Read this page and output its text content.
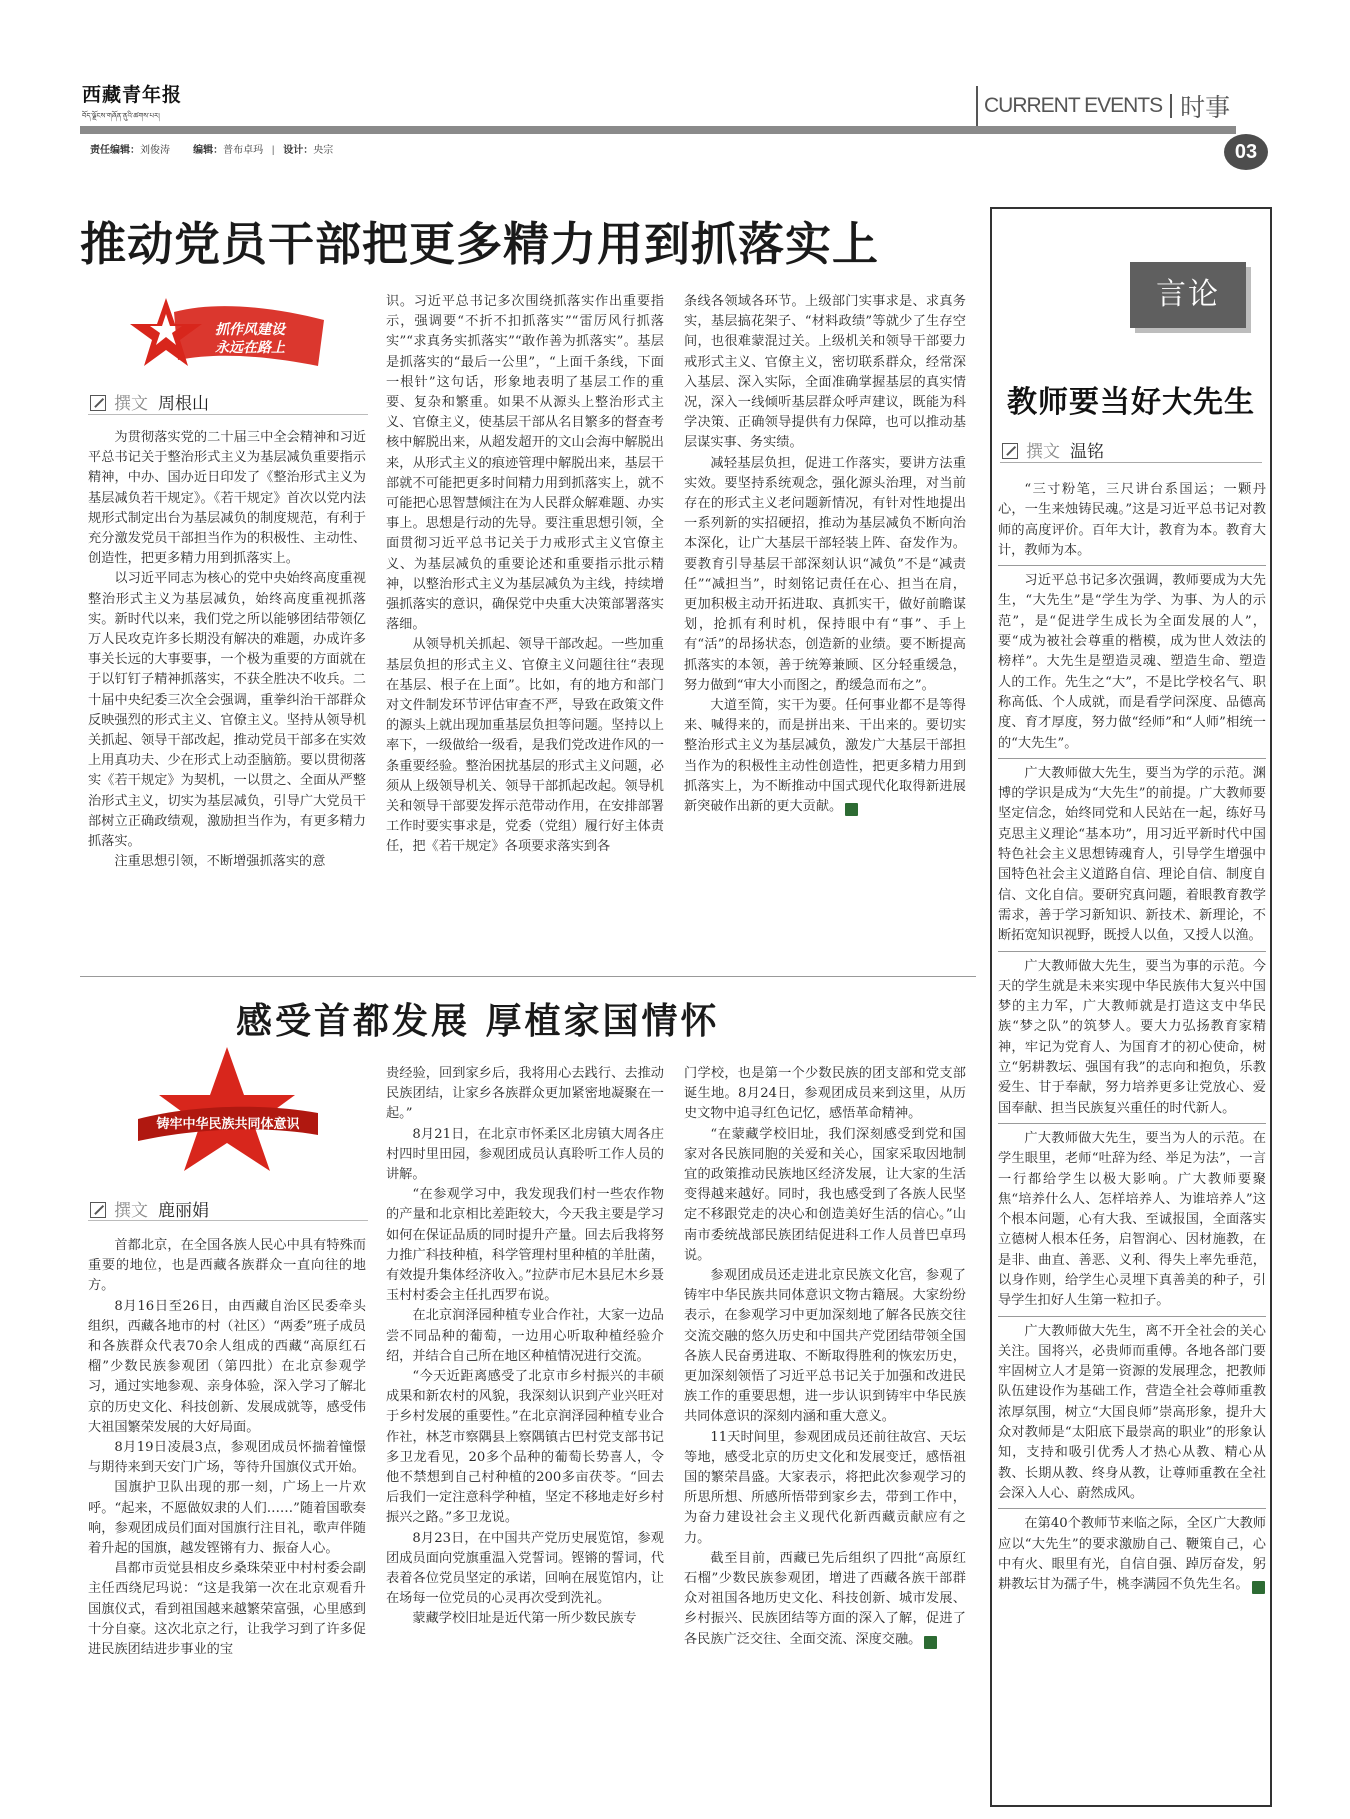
西藏青年报
བོད་ལྗོངས་གཞོན་ནུའི་ཚགས་པར།	CURRENT EVENTS 时事
03
责任编辑：刘俊涛 编辑：普布卓玛 | 设计：央宗
推动党员干部把更多精力用到抓落实上
抓作风建设
永远在路上
撰文 周根山

为贯彻落实党的二十届三中全会精神和习近平总书记关于整治形式主义为基层减负重要指示精神，中办、国办近日印发了《整治形式主义为基层减负若干规定》。《若干规定》首次以党内法规形式制定出台为基层减负的制度规范，有利于充分激发党员干部担当作为的积极性、主动性、创造性，把更多精力用到抓落实上。

以习近平同志为核心的党中央始终高度重视整治形式主义为基层减负，始终高度重视抓落实。新时代以来，我们党之所以能够团结带领亿万人民攻克许多长期没有解决的难题，办成许多事关长远的大事要事，一个极为重要的方面就在于以钉钉子精神抓落实，不获全胜决不收兵。二十届中央纪委三次全会强调，重拳纠治干部群众反映强烈的形式主义、官僚主义。坚持从领导机关抓起、领导干部改起，推动党员干部多在实效上用真功夫、少在形式上动歪脑筋。要以贯彻落实《若干规定》为契机，一以贯之、全面从严整治形式主义，切实为基层减负，引导广大党员干部树立正确政绩观，激励担当作为，有更多精力抓落实。

注重思想引领，不断增强抓落实的意

识。习近平总书记多次围绕抓落实作出重要指示，强调要“不折不扣抓落实”“雷厉风行抓落实”“求真务实抓落实”“敢作善为抓落实”。基层是抓落实的“最后一公里”，“上面千条线，下面一根针”这句话，形象地表明了基层工作的重要、复杂和繁重。如果不从源头上整治形式主义、官僚主义，使基层干部从名目繁多的督查考核中解脱出来，从超发超开的文山会海中解脱出来，从形式主义的痕迹管理中解脱出来，基层干部就不可能把更多时间精力用到抓落实上，就不可能把心思智慧倾注在为人民群众解难题、办实事上。思想是行动的先导。要注重思想引领，全面贯彻习近平总书记关于力戒形式主义官僚主义、为基层减负的重要论述和重要指示批示精神，以整治形式主义为基层减负为主线，持续增强抓落实的意识，确保党中央重大决策部署落实落细。

从领导机关抓起、领导干部改起。一些加重基层负担的形式主义、官僚主义问题往往“表现在基层、根子在上面”。比如，有的地方和部门对文件制发环节评估审查不严，导致在政策文件的源头上就出现加重基层负担等问题。坚持以上率下，一级做给一级看，是我们党改进作风的一条重要经验。整治困扰基层的形式主义问题，必须从上级领导机关、领导干部抓起改起。领导机关和领导干部要发挥示范带动作用，在安排部署工作时要实事求是，党委（党组）履行好主体责任，把《若干规定》各项要求落实到各

条线各领域各环节。上级部门实事求是、求真务实，基层搞花架子、“材料政绩”等就少了生存空间，也很难蒙混过关。上级机关和领导干部要力戒形式主义、官僚主义，密切联系群众，经常深入基层、深入实际，全面准确掌握基层的真实情况，深入一线倾听基层群众呼声建议，既能为科学决策、正确领导提供有力保障，也可以推动基层谋实事、务实绩。

减轻基层负担，促进工作落实，要讲方法重实效。要坚持系统观念，强化源头治理，对当前存在的形式主义老问题新情况，有针对性地提出一系列新的实招硬招，推动为基层减负不断向治本深化，让广大基层干部轻装上阵、奋发作为。要教育引导基层干部深刻认识“减负”不是“减责任”“减担当”，时刻铭记责任在心、担当在肩，更加积极主动开拓进取、真抓实干，做好前瞻谋划，抢抓有利时机，保持眼中有“事”、手上有“活”的昂扬状态，创造新的业绩。要不断提高抓落实的本领，善于统筹兼顾、区分轻重缓急，努力做到“审大小而图之，酌缓急而布之”。

大道至简，实干为要。任何事业都不是等得来、喊得来的，而是拼出来、干出来的。要切实整治形式主义为基层减负，激发广大基层干部担当作为的积极性主动性创造性，把更多精力用到抓落实上，为不断推动中国式现代化取得新进展新突破作出新的更大贡献。	青

感受首都发展 厚植家国情怀
铸牢中华民族共同体意识
撰文 鹿丽娟

首都北京，在全国各族人民心中具有特殊而重要的地位，也是西藏各族群众一直向往的地方。

8月16日至26日，由西藏自治区民委牵头组织，西藏各地市的村（社区）“两委”班子成员和各族群众代表70余人组成的西藏“高原红石榴”少数民族参观团（第四批）在北京参观学习，通过实地参观、亲身体验，深入学习了解北京的历史文化、科技创新、发展成就等，感受伟大祖国繁荣发展的大好局面。

8月19日凌晨3点，参观团成员怀揣着憧憬与期待来到天安门广场，等待升国旗仪式开始。

国旗护卫队出现的那一刻，广场上一片欢呼。“起来，不愿做奴隶的人们……”随着国歌奏响，参观团成员们面对国旗行注目礼，歌声伴随着升起的国旗，越发铿锵有力、振奋人心。

昌都市贡觉县相皮乡桑珠荣亚中村村委会副主任西绕尼玛说：“这是我第一次在北京观看升国旗仪式，看到祖国越来越繁荣富强，心里感到十分自豪。这次北京之行，让我学习到了许多促进民族团结进步事业的宝

贵经验，回到家乡后，我将用心去践行、去推动民族团结，让家乡各族群众更加紧密地凝聚在一起。”

8月21日，在北京市怀柔区北房镇大周各庄村四时里田园，参观团成员认真聆听工作人员的讲解。

“在参观学习中，我发现我们村一些农作物的产量和北京相比差距较大，今天我主要是学习如何在保证品质的同时提升产量。回去后我将努力推广科技种植，科学管理村里种植的羊肚菌，有效提升集体经济收入。”拉萨市尼木县尼木乡聂玉村村委会主任扎西罗布说。

在北京润泽园种植专业合作社，大家一边品尝不同品种的葡萄，一边用心听取种植经验介绍，并结合自己所在地区种植情况进行交流。

“今天近距离感受了北京市乡村振兴的丰硕成果和新农村的风貌，我深刻认识到产业兴旺对于乡村发展的重要性。”在北京润泽园种植专业合作社，林芝市察隅县上察隅镇古巴村党支部书记多卫龙看见，20多个品种的葡萄长势喜人，令他不禁想到自己村种植的200多亩茯苓。“回去后我们一定注意科学种植，坚定不移地走好乡村振兴之路。”多卫龙说。

8月23日，在中国共产党历史展览馆，参观团成员面向党旗重温入党誓词。铿锵的誓词，代表着各位党员坚定的承诺，回响在展览馆内，让在场每一位党员的心灵再次受到洗礼。

蒙藏学校旧址是近代第一所少数民族专

门学校，也是第一个少数民族的团支部和党支部诞生地。8月24日，参观团成员来到这里，从历史文物中追寻红色记忆，感悟革命精神。

“在蒙藏学校旧址，我们深刻感受到党和国家对各民族同胞的关爱和关心，国家采取因地制宜的政策推动民族地区经济发展，让大家的生活变得越来越好。同时，我也感受到了各族人民坚定不移跟党走的决心和创造美好生活的信心。”山南市委统战部民族团结促进科工作人员普巴卓玛说。

参观团成员还走进北京民族文化宫，参观了铸牢中华民族共同体意识文物古籍展。大家纷纷表示，在参观学习中更加深刻地了解各民族交往交流交融的悠久历史和中国共产党团结带领全国各族人民奋勇进取、不断取得胜利的恢宏历史，更加深刻领悟了习近平总书记关于加强和改进民族工作的重要思想，进一步认识到铸牢中华民族共同体意识的深刻内涵和重大意义。

11天时间里，参观团成员还前往故宫、天坛等地，感受北京的历史文化和发展变迁，感悟祖国的繁荣昌盛。大家表示，将把此次参观学习的所思所想、所感所悟带到家乡去，带到工作中，为奋力建设社会主义现代化新西藏贡献应有之力。

截至目前，西藏已先后组织了四批“高原红石榴”少数民族参观团，增进了西藏各族干部群众对祖国各地历史文化、科技创新、城市发展、乡村振兴、民族团结等方面的深入了解，促进了各民族广泛交往、全面交流、深度交融。	青

言论
教师要当好大先生
撰文 温铭

“三寸粉笔，三尺讲台系国运；一颗丹心，一生来烛铸民魂。”这是习近平总书记对教师的高度评价。百年大计，教育为本。教育大计，教师为本。

习近平总书记多次强调，教师要成为大先生，“大先生”是“学生为学、为事、为人的示范”，是“促进学生成长为全面发展的人”，要“成为被社会尊重的楷模，成为世人效法的榜样”。大先生是塑造灵魂、塑造生命、塑造人的工作。先生之“大”，不是比学校名气、职称高低、个人成就，而是看学问深度、品德高度、育才厚度，努力做“经师”和“人师”相统一的“大先生”。

广大教师做大先生，要当为学的示范。渊博的学识是成为“大先生”的前提。广大教师要坚定信念，始终同党和人民站在一起，练好马克思主义理论“基本功”，用习近平新时代中国特色社会主义思想铸魂育人，引导学生增强中国特色社会主义道路自信、理论自信、制度自信、文化自信。要研究真问题，着眼教育教学需求，善于学习新知识、新技术、新理论，不断拓宽知识视野，既授人以鱼，又授人以渔。

广大教师做大先生，要当为事的示范。今天的学生就是未来实现中华民族伟大复兴中国梦的主力军，广大教师就是打造这支中华民族“梦之队”的筑梦人。要大力弘扬教育家精神，牢记为党育人、为国育才的初心使命，树立“躬耕教坛、强国有我”的志向和抱负，乐教爱生、甘于奉献，努力培养更多让党放心、爱国奉献、担当民族复兴重任的时代新人。

广大教师做大先生，要当为人的示范。在学生眼里，老师“吐辞为经、举足为法”，一言一行都给学生以极大影响。广大教师要聚焦“培养什么人、怎样培养人、为谁培养人”这个根本问题，心有大我、至诚报国，全面落实立德树人根本任务，启智润心、因材施教，在是非、曲直、善恶、义利、得失上率先垂范，以身作则，给学生心灵埋下真善美的种子，引导学生扣好人生第一粒扣子。

广大教师做大先生，离不开全社会的关心关注。国将兴，必贵师而重傅。各地各部门要牢固树立人才是第一资源的发展理念，把教师队伍建设作为基础工作，营造全社会尊师重教浓厚氛围，树立“大国良师”崇高形象，提升大众对教师是“太阳底下最崇高的职业”的形象认知，支持和吸引优秀人才热心从教、精心从教、长期从教、终身从教，让尊师重教在全社会深入人心、蔚然成风。

在第40个教师节来临之际，全区广大教师应以“大先生”的要求激励自己、鞭策自己，心中有火、眼里有光，自信自强、踔厉奋发，躬耕教坛甘为孺子牛，桃李满园不负先生名。	青
